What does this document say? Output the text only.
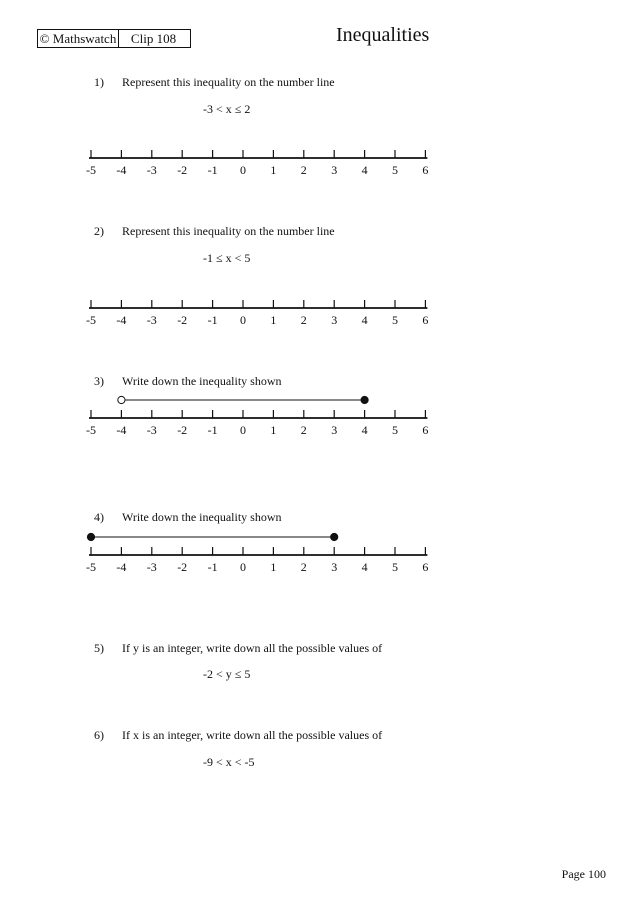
© Mathswatch	Clip 108	Inequalities
1) Represent this inequality on the number line
-3 < x ≤ 2
-5 -4 -3 -2 -1 0 1 2 3 4 5 6
2) Represent this inequality on the number line
-1 ≤ x < 5
-5 -4 -3 -2 -1 0 1 2 3 4 5 6
3) Write down the inequality shown
-5 -4 -3 -2 -1 0 1 2 3 4 5 6
4) Write down the inequality shown
-5 -4 -3 -2 -1 0 1 2 3 4 5 6
5) If y is an integer, write down all the possible values of
-2 < y ≤ 5
6) If x is an integer, write down all the possible values of
-9 < x < -5
Page 100
